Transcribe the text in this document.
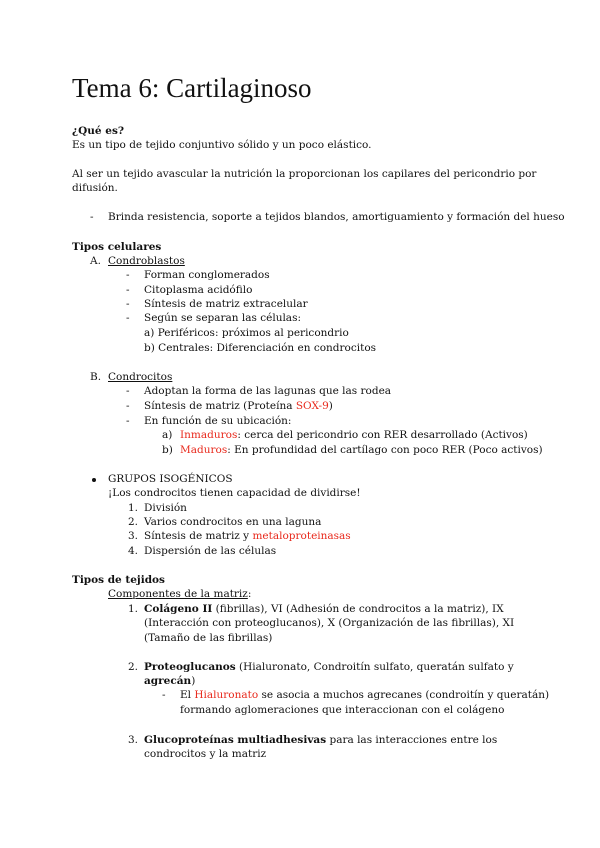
Tema 6: Cartilaginoso
¿Qué es?
Es un tipo de tejido conjuntivo sólido y un poco elástico.
Al ser un tejido avascular la nutrición la proporcionan los capilares del pericondrio por
difusión.
- Brinda resistencia, soporte a tejidos blandos, amortiguamiento y formación del hueso
Tipos celulares
A. Condroblastos
- Forman conglomerados
- Citoplasma acidófilo
- Síntesis de matriz extracelular
- Según se separan las células:
a) Periféricos: próximos al pericondrio
b) Centrales: Diferenciación en condrocitos
B. Condrocitos
- Adoptan la forma de las lagunas que las rodea
- Síntesis de matriz (Proteína SOX-9)
- En función de su ubicación:
a) Inmaduros: cerca del pericondrio con RER desarrollado (Activos)
b) Maduros: En profundidad del cartílago con poco RER (Poco activos)
GRUPOS ISOGÉNICOS
¡Los condrocitos tienen capacidad de dividirse!
1. División
2. Varios condrocitos en una laguna
3. Síntesis de matriz y metaloproteinasas
4. Dispersión de las células
Tipos de tejidos
Componentes de la matriz:
1. Colágeno II (fibrillas), VI (Adhesión de condrocitos a la matriz), IX
(Interacción con proteoglucanos), X (Organización de las fibrillas), XI
(Tamaño de las fibrillas)
2. Proteoglucanos (Hialuronato, Condroitín sulfato, queratán sulfato y
agrecán)
- El Hialuronato se asocia a muchos agrecanes (condroitín y queratán)
formando aglomeraciones que interaccionan con el colágeno
3. Glucoproteínas multiadhesivas para las interacciones entre los
condrocitos y la matriz
